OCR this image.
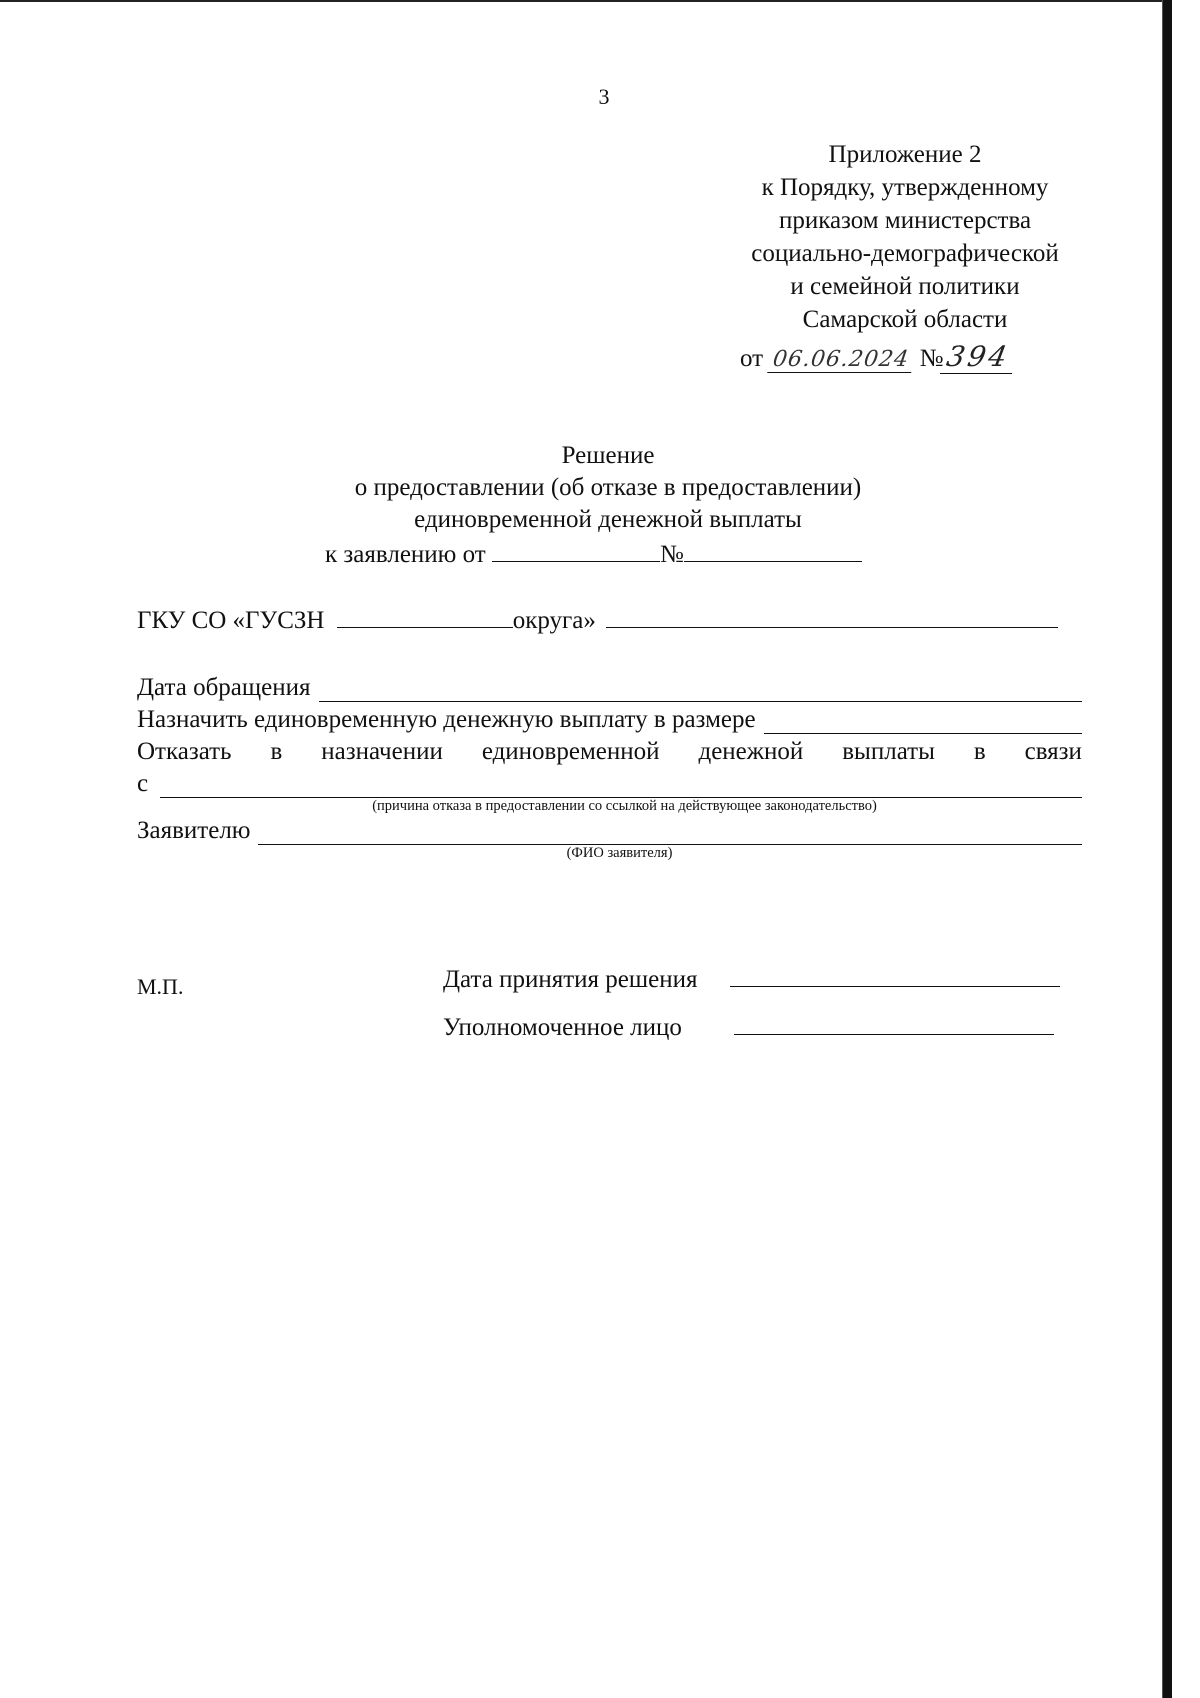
3
Приложение 2
к Порядку, утвержденному
приказом министерства
социально-демографической
и семейной политики
Самарской области
от 06.06.2024 №394
Решение
о предоставлении (об отказе в предоставлении)
единовременной денежной выплаты
к заявлению от	№
ГКУ СО «ГУСЗН	округа»
Дата обращения
Назначить единовременную денежную выплату в размере
Отказать в назначении единовременной денежной выплаты в связи
с
(причина отказа в предоставлении со ссылкой на действующее законодательство)
Заявителю
(ФИО заявителя)
М.П.	Дата принятия решения
Уполномоченное лицо
